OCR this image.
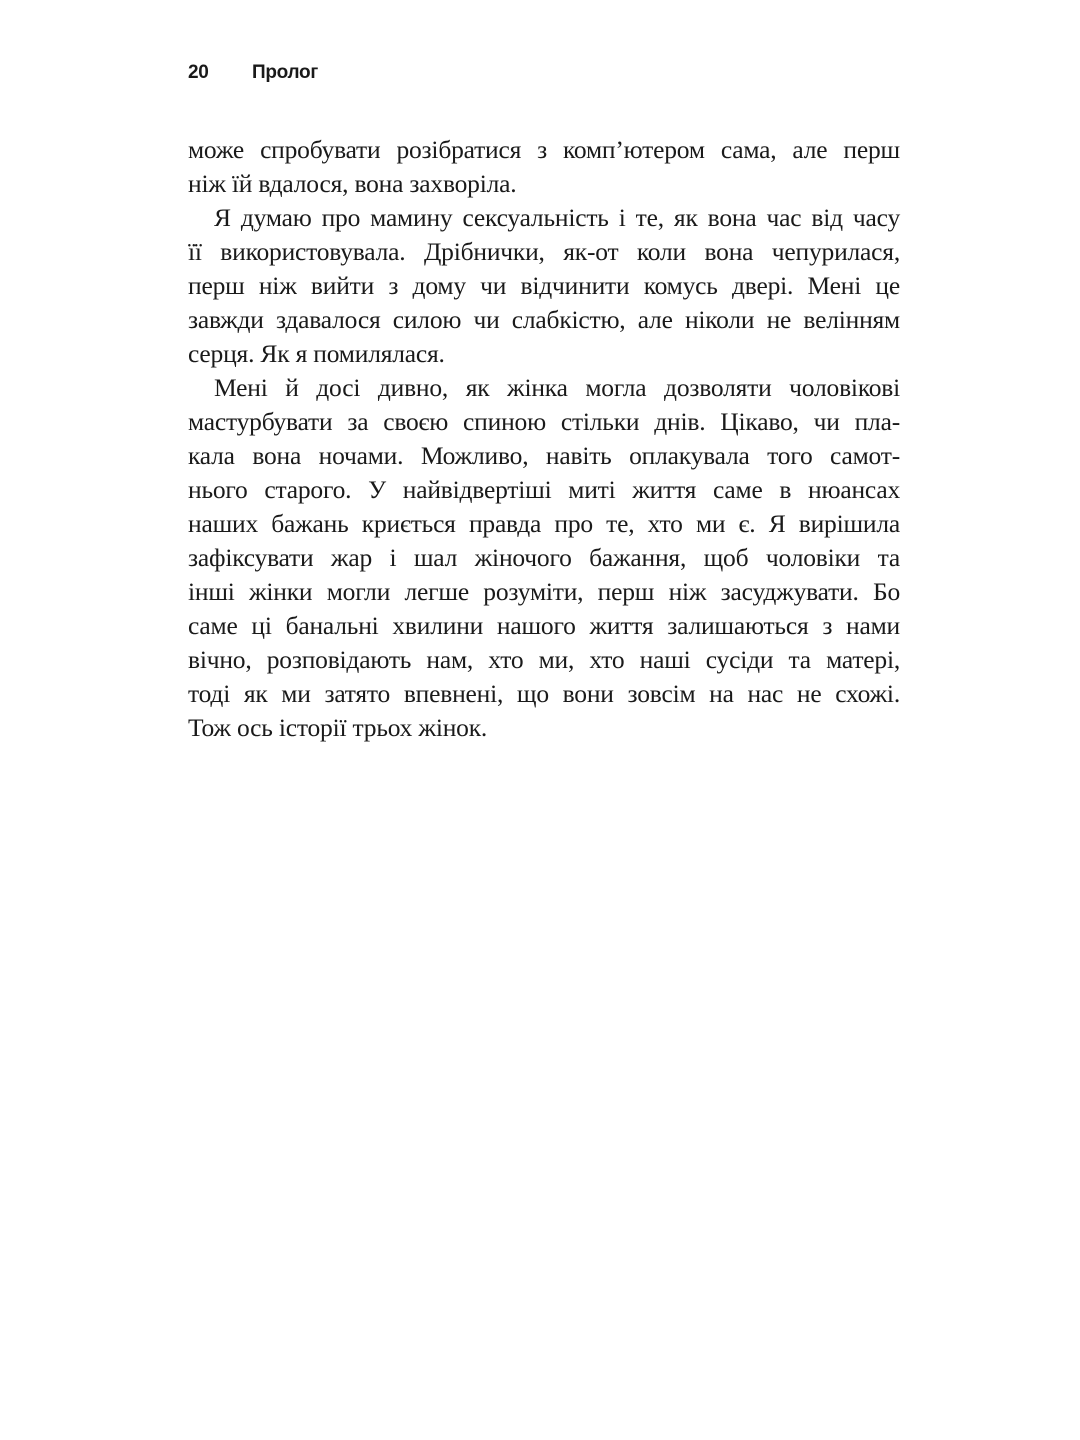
20	Пролог
може спробувати розібратися з комп’ютером сама, але перш
ніж їй вдалося, вона захворіла.
Я думаю про мамину сексуальність і те, як вона час від часу
її використовувала. Дрібнички, як-от коли вона чепурилася,
перш ніж вийти з дому чи відчинити комусь двері. Мені це
завжди здавалося силою чи слабкістю, але ніколи не велінням
серця. Як я помилялася.
Мені й досі дивно, як жінка могла дозволяти чоловікові
мастурбувати за своєю спиною стільки днів. Цікаво, чи пла-
кала вона ночами. Можливо, навіть оплакувала того самот-
нього старого. У найвідвертіші миті життя саме в нюансах
наших бажань криється правда про те, хто ми є. Я вирішила
зафіксувати жар і шал жіночого бажання, щоб чоловіки та
інші жінки могли легше розуміти, перш ніж засуджувати. Бо
саме ці банальні хвилини нашого життя залишаються з нами
вічно, розповідають нам, хто ми, хто наші сусіди та матері,
тоді як ми затято впевнені, що вони зовсім на нас не схожі.
Тож ось історії трьох жінок.
